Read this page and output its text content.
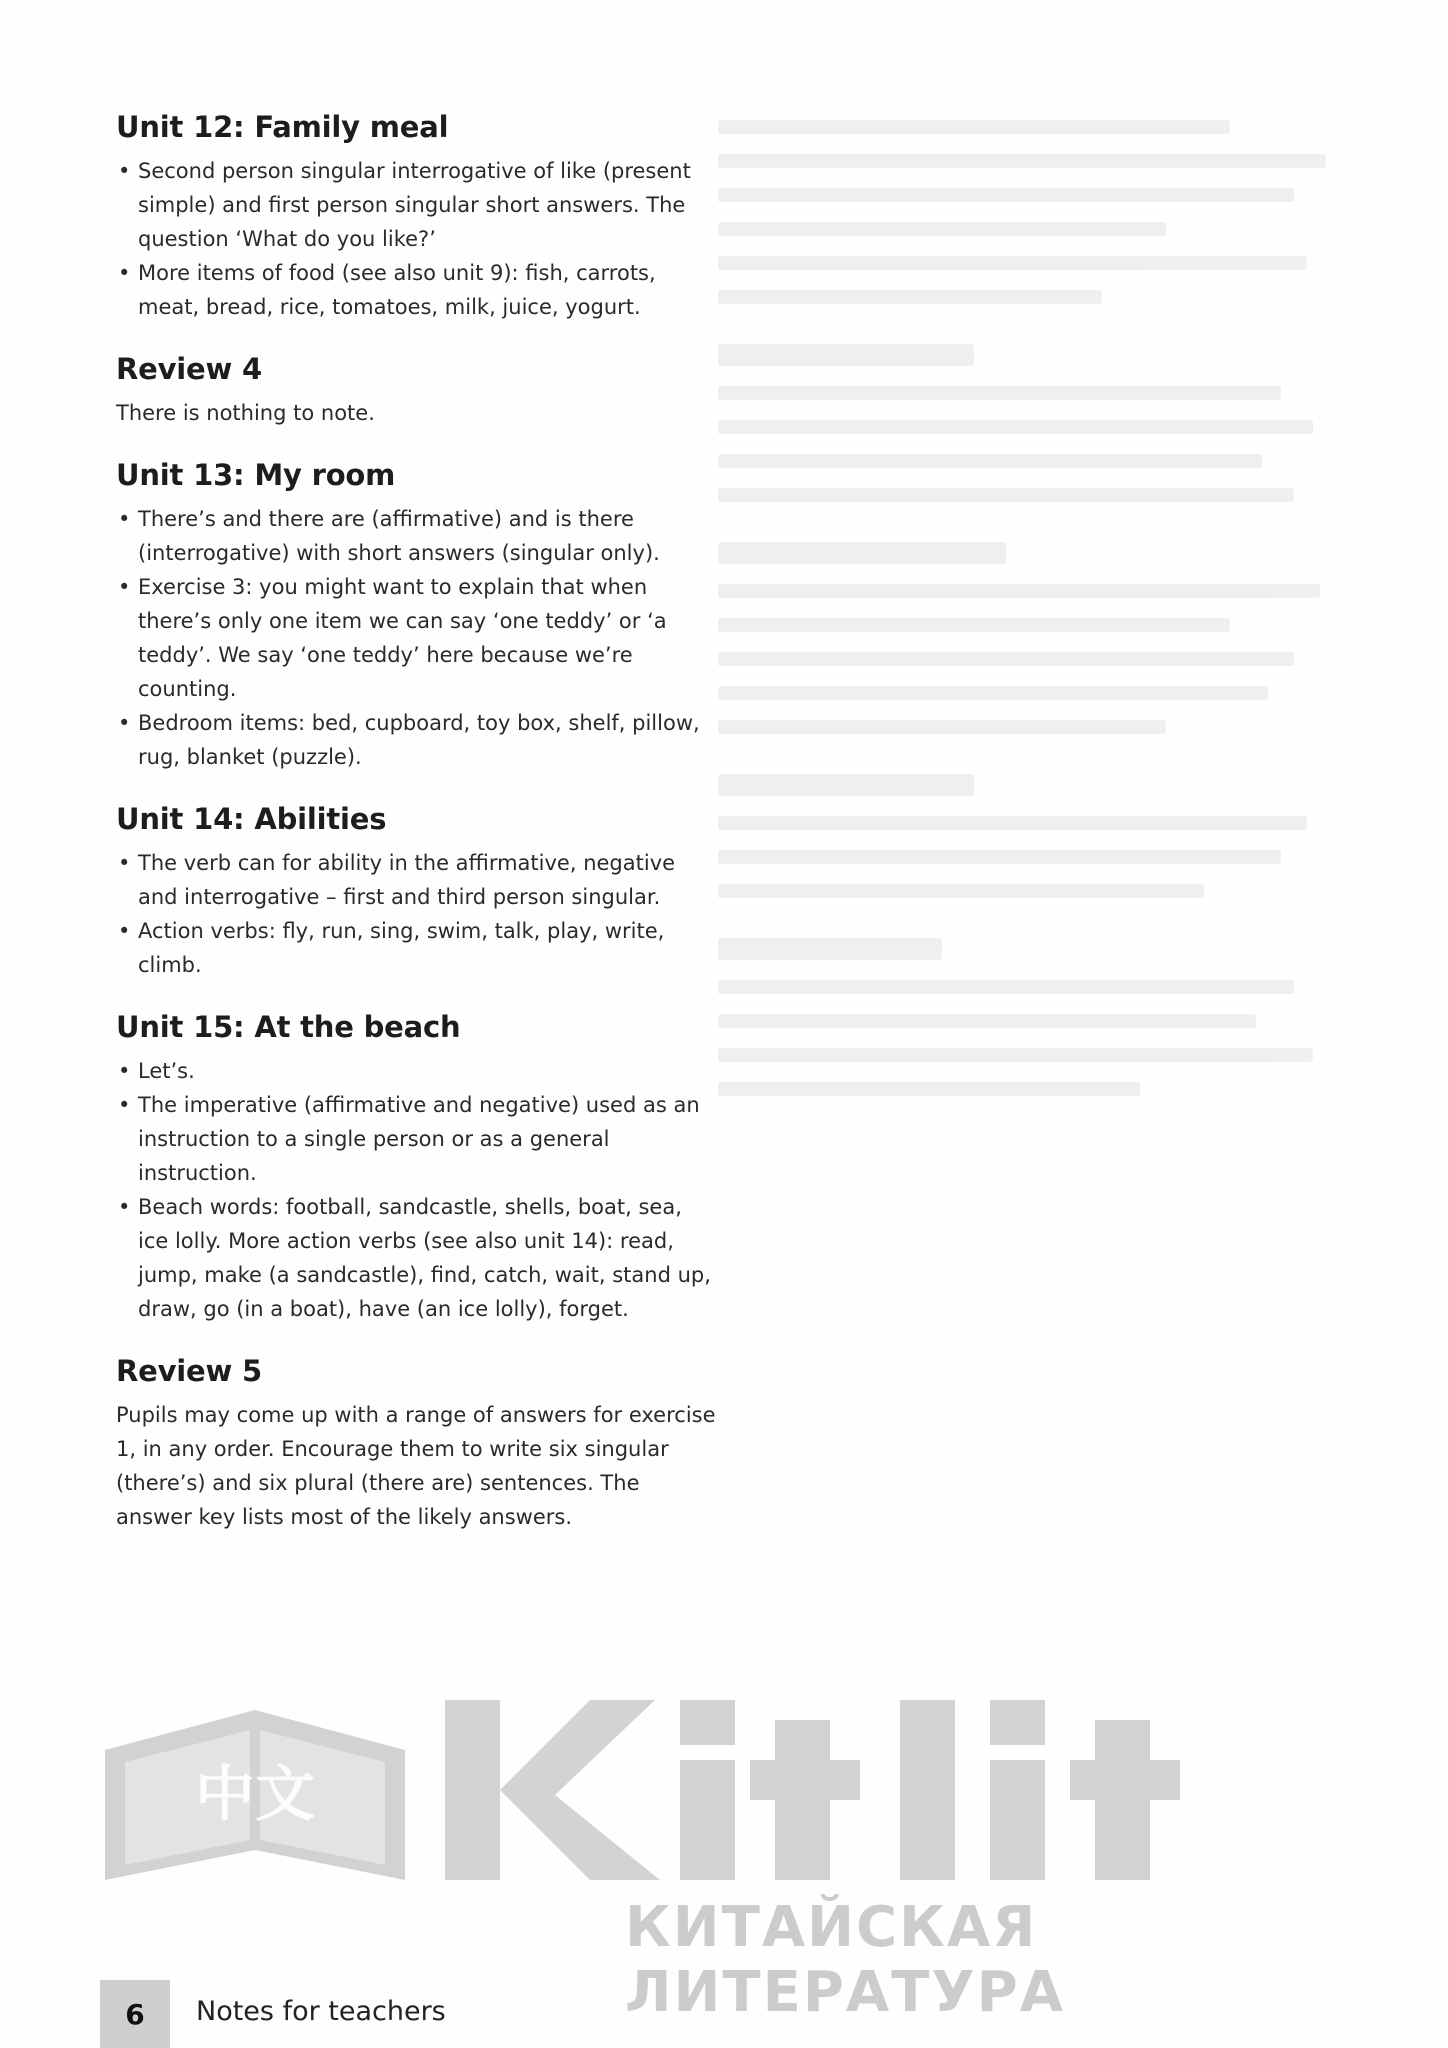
Unit 12: Family meal
• Second person singular interrogative of like (present simple) and first person singular short answers. The question ‘What do you like?’
• More items of food (see also unit 9): fish, carrots, meat, bread, rice, tomatoes, milk, juice, yogurt.
Review 4

There is nothing to note.

Unit 13: My room
• There’s and there are (affirmative) and is there (interrogative) with short answers (singular only).
• Exercise 3: you might want to explain that when there’s only one item we can say ‘one teddy’ or ‘a teddy’. We say ‘one teddy’ here because we’re counting.
• Bedroom items: bed, cupboard, toy box, shelf, pillow, rug, blanket (puzzle).
Unit 14: Abilities
• The verb can for ability in the affirmative, negative and interrogative – first and third person singular.
• Action verbs: fly, run, sing, swim, talk, play, write, climb.
Unit 15: At the beach
• Let’s.
• The imperative (affirmative and negative) used as an instruction to a single person or as a general instruction.
• Beach words: football, sandcastle, shells, boat, sea, ice lolly. More action verbs (see also unit 14): read, jump, make (a sandcastle), find, catch, wait, stand up, draw, go (in a boat), have (an ice lolly), forget.
Review 5

Pupils may come up with a range of answers for exercise 1, in any order. Encourage them to write six singular (there’s) and six plural (there are) sentences. The answer key lists most of the likely answers.

中文
КИТАЙСКАЯ ЛИТЕРАТУРА
6	Notes for teachers
